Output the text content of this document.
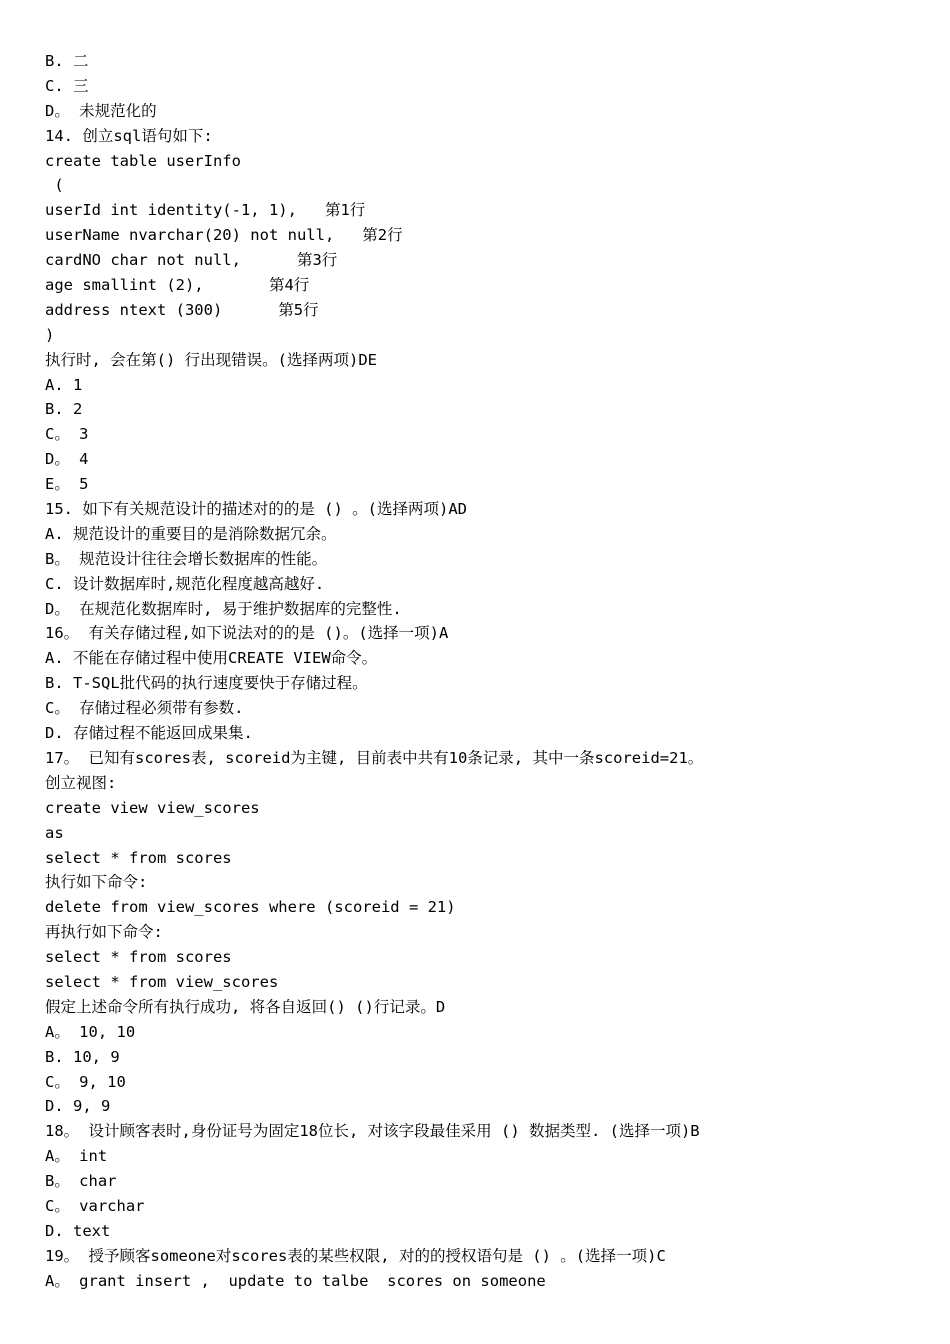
B. 二
C. 三
D。 未规范化的
14. 创立sql语句如下:
create table userInfo
(
userId int identity(-1, 1),   第1行
userName nvarchar(20) not null,   第2行
cardNO char not null,      第3行
age smallint (2),       第4行
address ntext (300)      第5行
)
执行时, 会在第() 行出现错误。(选择两项)DE
A. 1
B. 2
C。 3
D。 4
E。 5
15. 如下有关规范设计的描述对的的是 () 。(选择两项)AD
A. 规范设计的重要目的是消除数据冗余。
B。 规范设计往往会增长数据库的性能。
C. 设计数据库时,规范化程度越高越好.
D。 在规范化数据库时, 易于维护数据库的完整性.
16。 有关存储过程,如下说法对的的是 ()。(选择一项)A
A. 不能在存储过程中使用CREATE VIEW命令。
B. T-SQL批代码的执行速度要快于存储过程。
C。 存储过程必须带有参数.
D. 存储过程不能返回成果集.
17。 已知有scores表, scoreid为主键, 目前表中共有10条记录, 其中一条scoreid=21。
创立视图:
create view view_scores
as
select * from scores
执行如下命令:
delete from view_scores where (scoreid = 21)
再执行如下命令:
select * from scores
select * from view_scores
假定上述命令所有执行成功, 将各自返回() ()行记录。D
A。 10, 10
B. 10, 9
C。 9, 10
D. 9, 9
18。 设计顾客表时,身份证号为固定18位长, 对该字段最佳采用 () 数据类型. (选择一项)B
A。 int
B。 char
C。 varchar
D. text
19。 授予顾客someone对scores表的某些权限, 对的的授权语句是 () 。(选择一项)C
A。 grant insert ,  update to talbe  scores on someone
